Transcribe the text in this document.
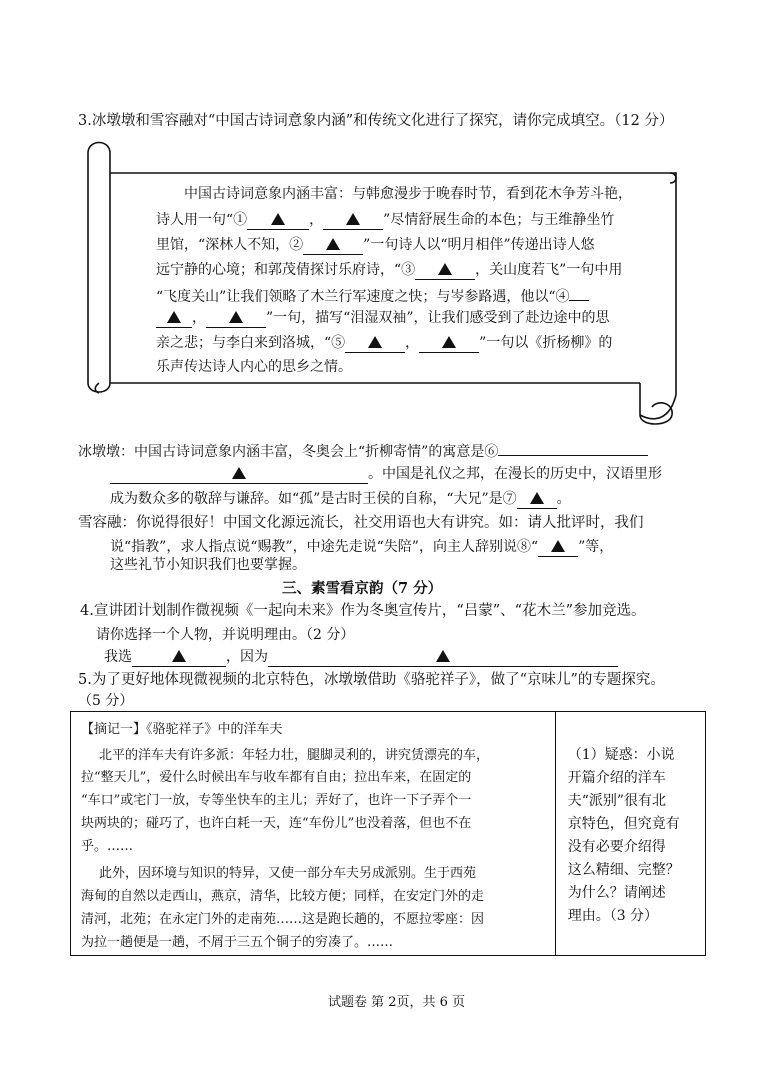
3.冰墩墩和雪容融对“中国古诗词意象内涵”和传统文化进行了探究，请你完成填空。（12 分）
中国古诗词意象内涵丰富：与韩愈漫步于晚春时节，看到花木争芳斗艳，
诗人用一句“①	，	”尽情舒展生命的本色；与王维静坐竹
里馆，“深林人不知，②	”一句诗人以“明月相伴”传递出诗人悠
远宁静的心境；和郭茂倩探讨乐府诗，“③	，关山度若飞”一句中用
“飞度关山”让我们领略了木兰行军速度之快；与岑参路遇，他以“④
，	”一句，描写“泪湿双袖”，让我们感受到了赴边途中的思
亲之悲；与李白来到洛城，“⑤	，	”一句以《折杨柳》的
乐声传达诗人内心的思乡之情。
冰墩墩：中国古诗词意象内涵丰富，冬奥会上“折柳寄情”的寓意是⑥
。中国是礼仪之邦，在漫长的历史中，汉语里形
成为数众多的敬辞与谦辞。如“孤”是古时王侯的自称，“大兄”是⑦	。
雪容融：你说得很好！中国文化源远流长，社交用语也大有讲究。如：请人批评时，我们
说“指教”，求人指点说“赐教”，中途先走说“失陪”，向主人辞别说⑧“	”等，
这些礼节小知识我们也要掌握。
三、素雪看京韵（7 分）
4.宣讲团计划制作微视频《一起向未来》作为冬奥宣传片，“吕蒙”、“花木兰”参加竞选。
请你选择一个人物，并说明理由。（2 分）
我选	，因为
5.为了更好地体现微视频的北京特色，冰墩墩借助《骆驼祥子》，做了“京味儿”的专题探究。
（5 分）
【摘记一】《骆驼祥子》中的洋车夫
北平的洋车夫有许多派：年轻力壮，腿脚灵利的，讲究赁漂亮的车，
拉“整天儿”，爱什么时候出车与收车都有自由；拉出车来，在固定的
“车口”或宅门一放，专等坐快车的主儿；弄好了，也许一下子弄个一
块两块的；碰巧了，也许白耗一天，连“车份儿”也没着落，但也不在
乎。……
此外，因环境与知识的特异，又使一部分车夫另成派别。生于西苑
海甸的自然以走西山，燕京，清华，比较方便；同样，在安定门外的走
清河，北苑；在永定门外的走南苑……这是跑长趟的，不愿拉零座：因
为拉一趟便是一趟，不屑于三五个铜子的穷凑了。……

（1）疑惑：小说
开篇介绍的洋车
夫“派别”很有北
京特色，但究竟有
没有必要介绍得
这么精细、完整？
为什么？请阐述
理由。（3 分）
试题卷 第 2页，共 6 页
